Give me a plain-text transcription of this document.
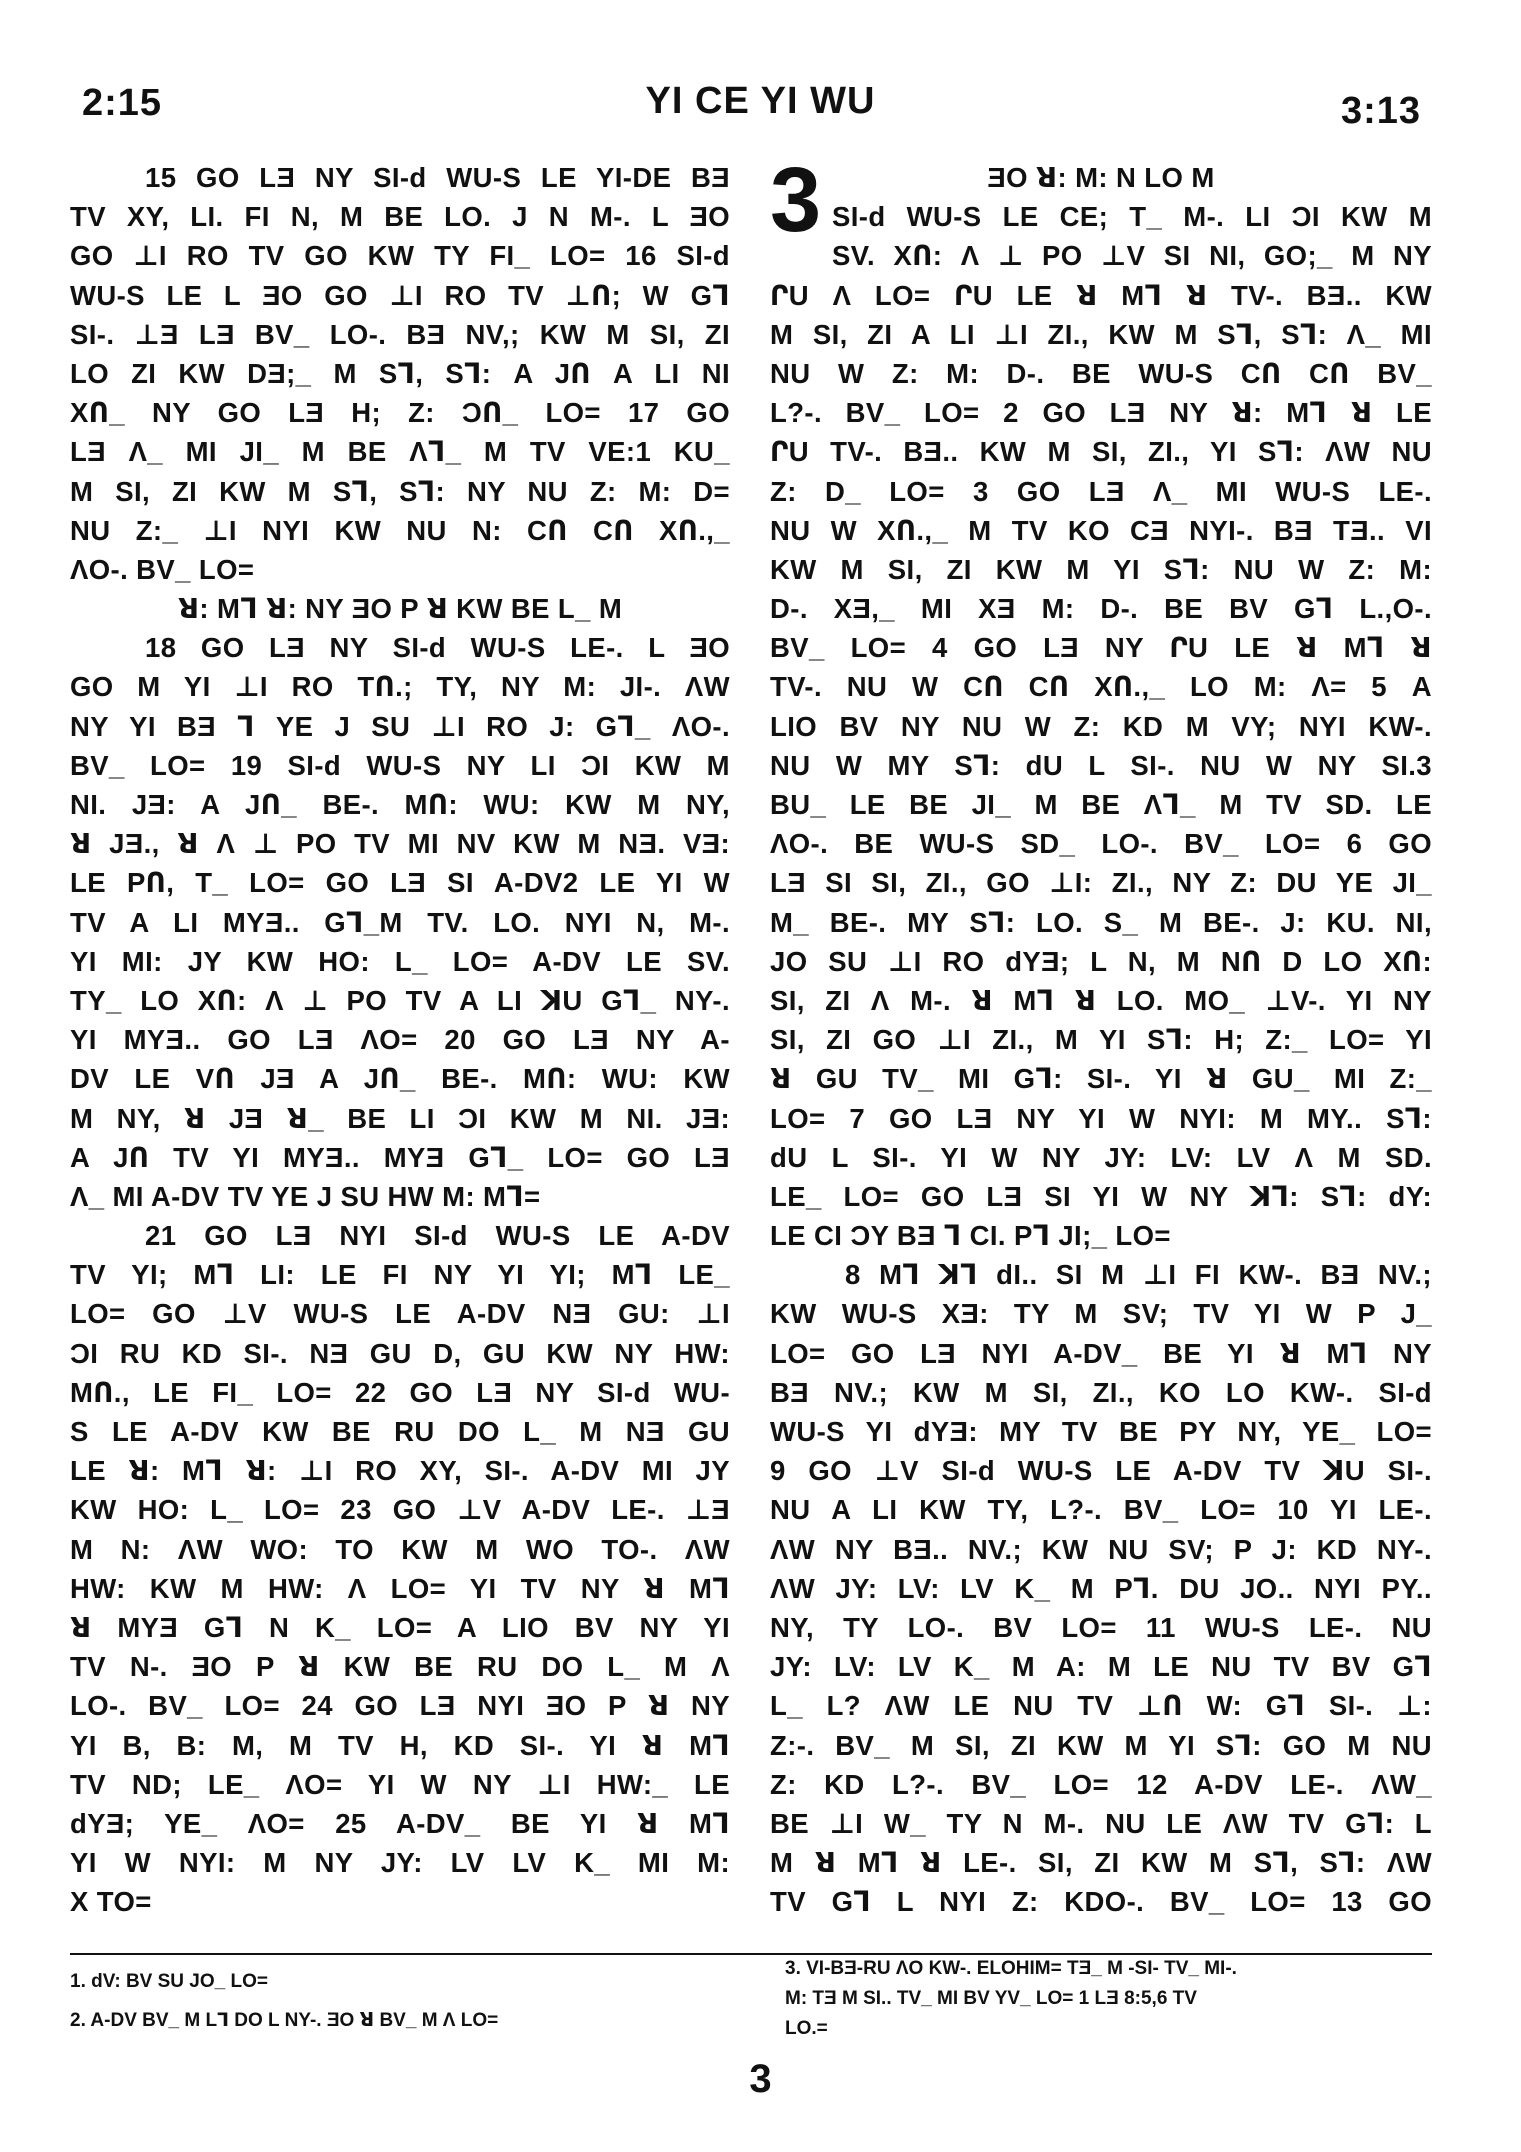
2:15	YI CE YI WU	3:13
15 GO LƎ NY SI-d WU-S LE YI-DE BƎ
TV XY, LI. FI N, M BE LO. J N M-. L ƎO
GO ⊥I RO TV GO KW TY FI_ LO= 16 SI-d
WU-S LE L ƎO GO ⊥I RO TV ⊥Ո; W Gᒣ
SI-. ⊥Ǝ LƎ BV_ LO-. BƎ NV,; KW M SI, ZI
LO ZI KW DƎ;_ M Sᒣ, Sᒣ: A JՈ A LI NI
XՈ_ NY GO LƎ H; Z: ƆՈ_ LO= 17 GO
LƎ Λ_ MI JI_ M BE Λᒣ_ M TV VE:1 KU_
M SI, ZI KW M Sᒣ, Sᒣ: NY NU Z: M: D=
NU Z:_ ⊥I NYI KW NU N: CՈ CՈ XՈ.,_
ΛO-. BV_ LO=
ꓤ: Mᒣ ꓤ: NY ƎO P ꓤ KW BE L_ M
18 GO LƎ NY SI-d WU-S LE-. L ƎO
GO M YI ⊥I RO TՈ.; TY, NY M: JI-. ΛW
NY YI BƎ ᒣ YE J SU ⊥I RO J: Gᒣ_ ΛO-.
BV_ LO= 19 SI-d WU-S NY LI ƆI KW M
NI. JƎ: A JՈ_ BE-. MՈ: WU: KW M NY,
ꓤ JƎ., ꓤ Λ ⊥ PO TV MI NV KW M NƎ. VƎ:
LE PՈ, T_ LO= GO LƎ SI A-DV2 LE YI W
TV A LI MYƎ.. Gᒣ_M TV. LO. NYI N, M-.
YI MI: JY KW HO: L_ LO= A-DV LE SV.
TY_ LO XՈ: Λ ⊥ PO TV A LI ꓘU Gᒣ_ NY-.
YI MYƎ.. GO LƎ ΛO= 20 GO LƎ NY A-
DV LE VՈ JƎ A JՈ_ BE-. MՈ: WU: KW
M NY, ꓤ JƎ ꓤ_ BE LI ƆI KW M NI. JƎ:
A JՈ TV YI MYƎ.. MYƎ Gᒣ_ LO= GO LƎ
Λ_ MI A-DV TV YE J SU HW M: Mᒣ=
21 GO LƎ NYI SI-d WU-S LE A-DV
TV YI; Mᒣ LI: LE FI NY YI YI; Mᒣ LE_
LO= GO ⊥V WU-S LE A-DV NƎ GU: ⊥I
ƆI RU KD SI-. NƎ GU D, GU KW NY HW:
MՈ., LE FI_ LO= 22 GO LƎ NY SI-d WU-
S LE A-DV KW BE RU DO L_ M NƎ GU
LE ꓤ: Mᒣ ꓤ: ⊥I RO XY, SI-. A-DV MI JY
KW HO: L_ LO= 23 GO ⊥V A-DV LE-. ⊥Ǝ
M N: ΛW WO: TO KW M WO TO-. ΛW
HW: KW M HW: Λ LO= YI TV NY ꓤ Mᒣ
ꓤ MYƎ Gᒣ N K_ LO= A LIO BV NY YI
TV N-. ƎO P ꓤ KW BE RU DO L_ M Λ
LO-. BV_ LO= 24 GO LƎ NYI ƎO P ꓤ NY
YI B, B: M, M TV H, KD SI-. YI ꓤ Mᒣ
TV ND; LE_ ΛO= YI W NY ⊥I HW:_ LE
dYƎ; YE_ ΛO= 25 A-DV_ BE YI ꓤ Mᒣ
YI W NYI: M NY JY: LV LV K_ MI M:
X TO=
3	ƎO ꓤ: M: N LO M
SI-d WU-S LE CE; T_ M-. LI ƆI KW M
SV. XՈ: Λ ⊥ PO ⊥V SI NI, GO;_ M NY
ՐU Λ LO= ՐU LE ꓤ Mᒣ ꓤ TV-. BƎ.. KW
M SI, ZI A LI ⊥I ZI., KW M Sᒣ, Sᒣ: Λ_ MI
NU W Z: M: D-. BE WU-S CՈ CՈ BV_
L?-. BV_ LO= 2 GO LƎ NY ꓤ: Mᒣ ꓤ LE
ՐU TV-. BƎ.. KW M SI, ZI., YI Sᒣ: ΛW NU
Z: D_ LO= 3 GO LƎ Λ_ MI WU-S LE-.
NU W XՈ.,_ M TV KO CƎ NYI-. BƎ TƎ.. VI
KW M SI, ZI KW M YI Sᒣ: NU W Z: M:
D-. XƎ,_ MI XƎ M: D-. BE BV Gᒣ L.,O-.
BV_ LO= 4 GO LƎ NY ՐU LE ꓤ Mᒣ ꓤ
TV-. NU W CՈ CՈ XՈ.,_ LO M: Λ= 5 A
LIO BV NY NU W Z: KD M VY; NYI KW-.
NU W MY Sᒣ: dU L SI-. NU W NY SI.3
BU_ LE BE JI_ M BE Λᒣ_ M TV SD. LE
ΛO-. BE WU-S SD_ LO-. BV_ LO= 6 GO
LƎ SI SI, ZI., GO ⊥I: ZI., NY Z: DU YE JI_
M_ BE-. MY Sᒣ: LO. S_ M BE-. J: KU. NI,
JO SU ⊥I RO dYƎ; L N, M NՈ D LO XՈ:
SI, ZI Λ M-. ꓤ Mᒣ ꓤ LO. MO_ ⊥V-. YI NY
SI, ZI GO ⊥I ZI., M YI Sᒣ: H; Z:_ LO= YI
ꓤ GU TV_ MI Gᒣ: SI-. YI ꓤ GU_ MI Z:_
LO= 7 GO LƎ NY YI W NYI: M MY.. Sᒣ:
dU L SI-. YI W NY JY: LV: LV Λ M SD.
LE_ LO= GO LƎ SI YI W NY ꓘᒣ: Sᒣ: dY:
LE CI ƆY BƎ ᒣ CI. Pᒣ JI;_ LO=
8 Mᒣ ꓘᒣ dI.. SI M ⊥I FI KW-. BƎ NV.;
KW WU-S XƎ: TY M SV; TV YI W P J_
LO= GO LƎ NYI A-DV_ BE YI ꓤ Mᒣ NY
BƎ NV.; KW M SI, ZI., KO LO KW-. SI-d
WU-S YI dYƎ: MY TV BE PY NY, YE_ LO=
9 GO ⊥V SI-d WU-S LE A-DV TV ꓘU SI-.
NU A LI KW TY, L?-. BV_ LO= 10 YI LE-.
ΛW NY BƎ.. NV.; KW NU SV; P J: KD NY-.
ΛW JY: LV: LV K_ M Pᒣ. DU JO.. NYI PY..
NY, TY LO-. BV LO= 11 WU-S LE-. NU
JY: LV: LV K_ M A: M LE NU TV BV Gᒣ
L_ L? ΛW LE NU TV ⊥Ո W: Gᒣ SI-. ⊥:
Z:-. BV_ M SI, ZI KW M YI Sᒣ: GO M NU
Z: KD L?-. BV_ LO= 12 A-DV LE-. ΛW_
BE ⊥I W_ TY N M-. NU LE ΛW TV Gᒣ: L
M ꓤ Mᒣ ꓤ LE-. SI, ZI KW M Sᒣ, Sᒣ: ΛW
TV Gᒣ L NYI Z: KDO-. BV_ LO= 13 GO
1. dV: BV SU JO_ LO=
2. A-DV BV_ M Lᒣ DO L NY-. ƎO ꓤ BV_ M Λ LO=
3. VI-BƎ-RU ΛO KW-. ELOHIM= TƎ_ M -SI- TV_ MI-.
M: TƎ M SI.. TV_ MI BV YV_ LO= 1 LƎ 8:5,6 TV
LO.=
3
